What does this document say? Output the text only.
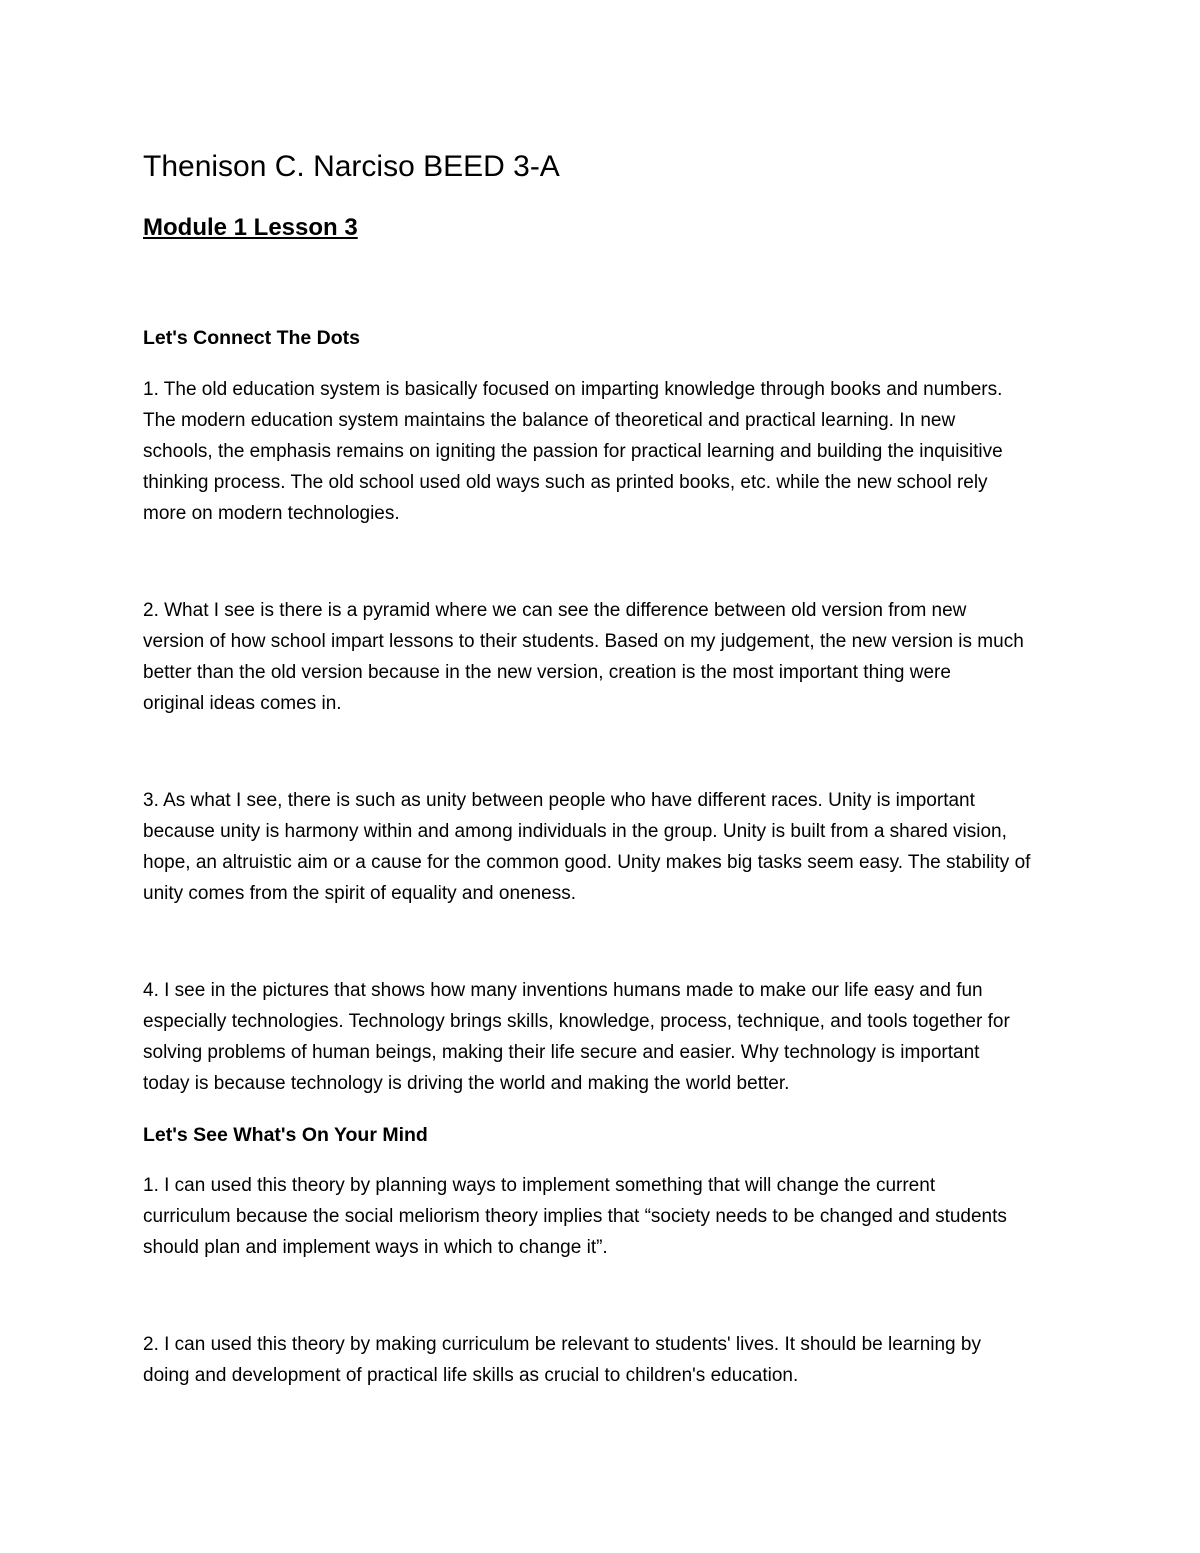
Thenison C. Narciso BEED 3-A
Module 1 Lesson 3
Let's Connect The Dots
1. The old education system is basically focused on imparting knowledge through books and numbers.
The modern education system maintains the balance of theoretical and practical learning. In new
schools, the emphasis remains on igniting the passion for practical learning and building the inquisitive
thinking process. The old school used old ways such as printed books, etc. while the new school rely
more on modern technologies.
2. What I see is there is a pyramid where we can see the difference between old version from new
version of how school impart lessons to their students. Based on my judgement, the new version is much
better than the old version because in the new version, creation is the most important thing were
original ideas comes in.
3. As what I see, there is such as unity between people who have different races. Unity is important
because unity is harmony within and among individuals in the group. Unity is built from a shared vision,
hope, an altruistic aim or a cause for the common good. Unity makes big tasks seem easy. The stability of
unity comes from the spirit of equality and oneness.
4. I see in the pictures that shows how many inventions humans made to make our life easy and fun
especially technologies. Technology brings skills, knowledge, process, technique, and tools together for
solving problems of human beings, making their life secure and easier. Why technology is important
today is because technology is driving the world and making the world better.
Let's See What's On Your Mind
1. I can used this theory by planning ways to implement something that will change the current
curriculum because the social meliorism theory implies that “society needs to be changed and students
should plan and implement ways in which to change it”.
2. I can used this theory by making curriculum be relevant to students' lives. It should be learning by
doing and development of practical life skills as crucial to children's education.
